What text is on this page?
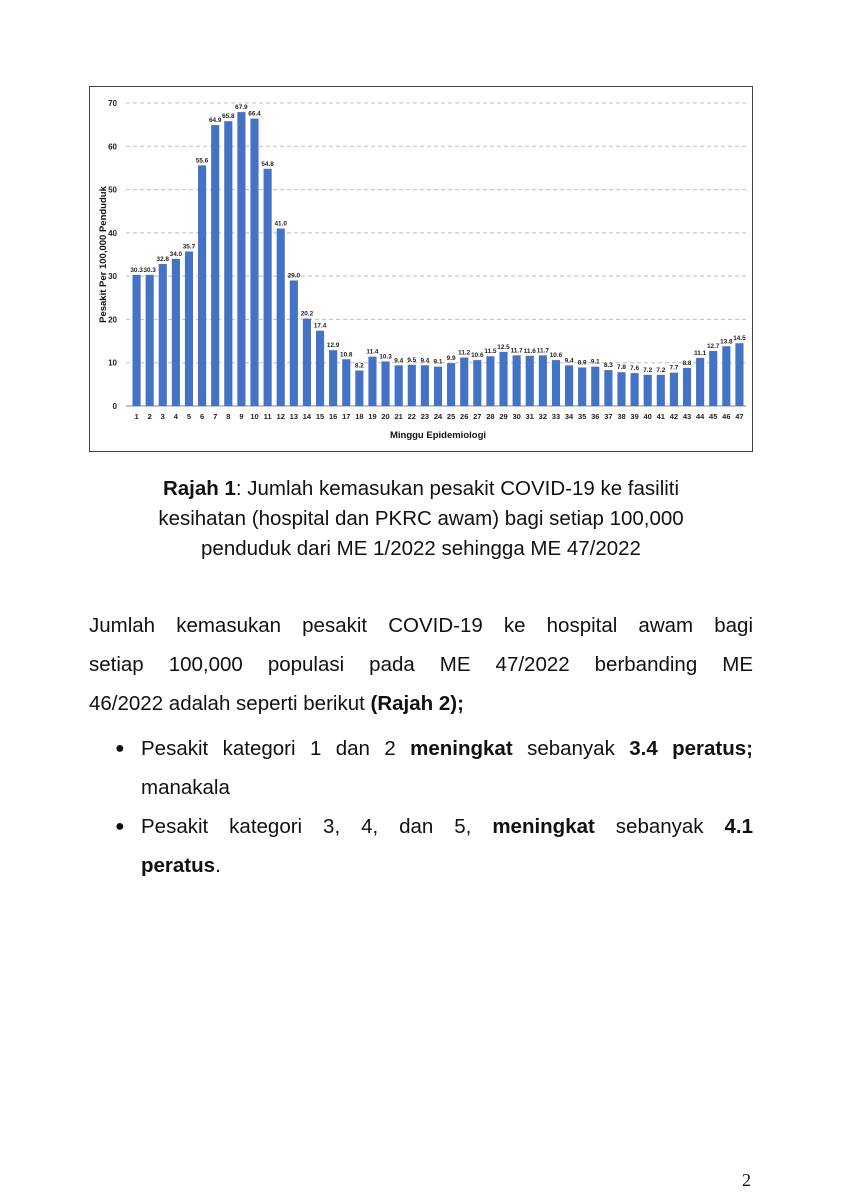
0
10
20
30
40
50
60
70
30.3
1
30.3
2
32.8
3
34.0
4
35.7
5
55.6
6
64.9
7
65.8
8
67.9
9
66.4
10
54.8
11
41.0
12
29.0
13
20.2
14
17.4
15
12.9
16
10.8
17
8.2
18
11.4
19
10.3
20
9.4
21
9.5
22
9.4
23
9.1
24
9.9
25
11.2
26
10.6
27
11.5
28
12.5
29
11.7
30
11.6
31
11.7
32
10.6
33
9.4
34
8.9
35
9.1
36
8.3
37
7.8
38
7.6
39
7.2
40
7.2
41
7.7
42
8.8
43
11.1
44
12.7
45
13.8
46
14.5
47
Minggu Epidemiologi
Pesakit Per 100,000 Penduduk
Rajah 1: Jumlah kemasukan pesakit COVID-19 ke fasiliti
kesihatan (hospital dan PKRC awam) bagi setiap 100,000
penduduk dari ME 1/2022 sehingga ME 47/2022
Jumlah kemasukan pesakit COVID-19 ke hospital awam bagi
setiap 100,000 populasi pada ME 47/2022 berbanding ME
46/2022 adalah seperti berikut (Rajah 2);
● Pesakit kategori 1 dan 2 meningkat sebanyak 3.4 peratus;
manakala
● Pesakit kategori 3, 4, dan 5, meningkat sebanyak 4.1
peratus.
2
